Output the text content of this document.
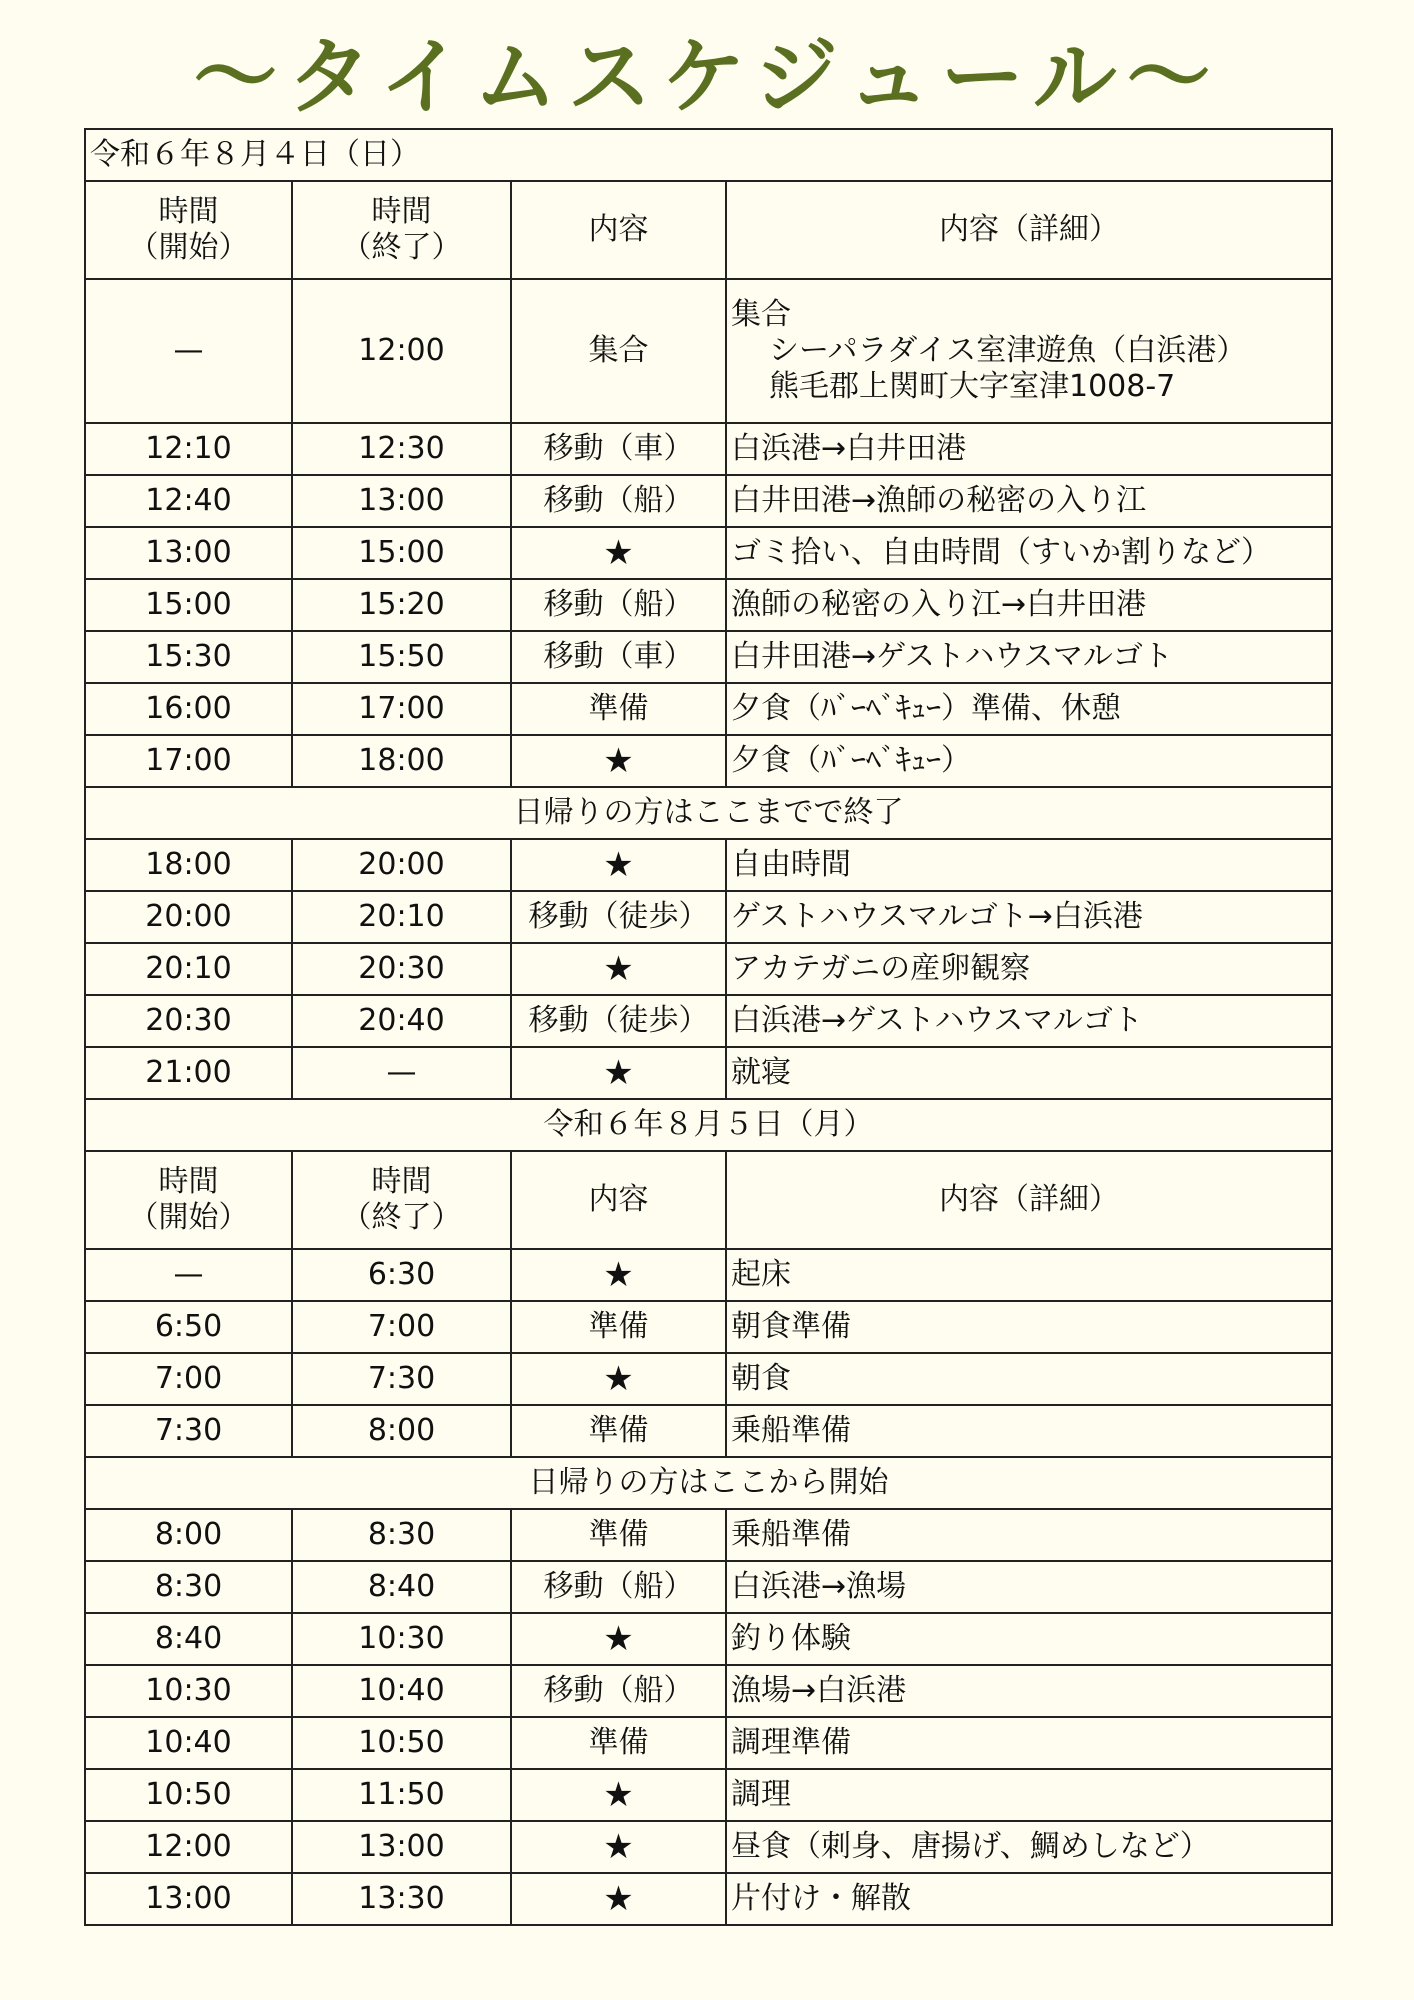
〜タイムスケジュール〜
令和６年８月４日（日）			

時間
（開始）	時間
（終了）	内容	内容（詳細）
—	12:00	集合	集合
シーパラダイス室津遊魚（白浜港）
熊毛郡上関町大字室津1008-7

12:10	12:30	移動（車）	白浜港→白井田港

12:40	13:00	移動（船）	白井田港→漁師の秘密の入り江

13:00	15:00	★	ゴミ拾い、自由時間（すいか割りなど）

15:00	15:20	移動（船）	漁師の秘密の入り江→白井田港

15:30	15:50	移動（車）	白井田港→ゲストハウスマルゴト

16:00	17:00	準備	夕食（ﾊﾞｰﾍﾞｷｭｰ）準備、休憩

17:00	18:00	★	夕食（ﾊﾞｰﾍﾞｷｭｰ）

日帰りの方はここまでで終了			
18:00	20:00	★	自由時間

20:00	20:10	移動（徒歩）	ゲストハウスマルゴト→白浜港

20:10	20:30	★	アカテガニの産卵観察

20:30	20:40	移動（徒歩）	白浜港→ゲストハウスマルゴト

21:00	—	★	就寝

令和６年８月５日（月）			

時間
（開始）	時間
（終了）	内容	内容（詳細）
—	6:30	★	起床

6:50	7:00	準備	朝食準備

7:00	7:30	★	朝食

7:30	8:00	準備	乗船準備

日帰りの方はここから開始			
8:00	8:30	準備	乗船準備

8:30	8:40	移動（船）	白浜港→漁場

8:40	10:30	★	釣り体験

10:30	10:40	移動（船）	漁場→白浜港

10:40	10:50	準備	調理準備

10:50	11:50	★	調理

12:00	13:00	★	昼食（刺身、唐揚げ、鯛めしなど）

13:00	13:30	★	片付け・解散
